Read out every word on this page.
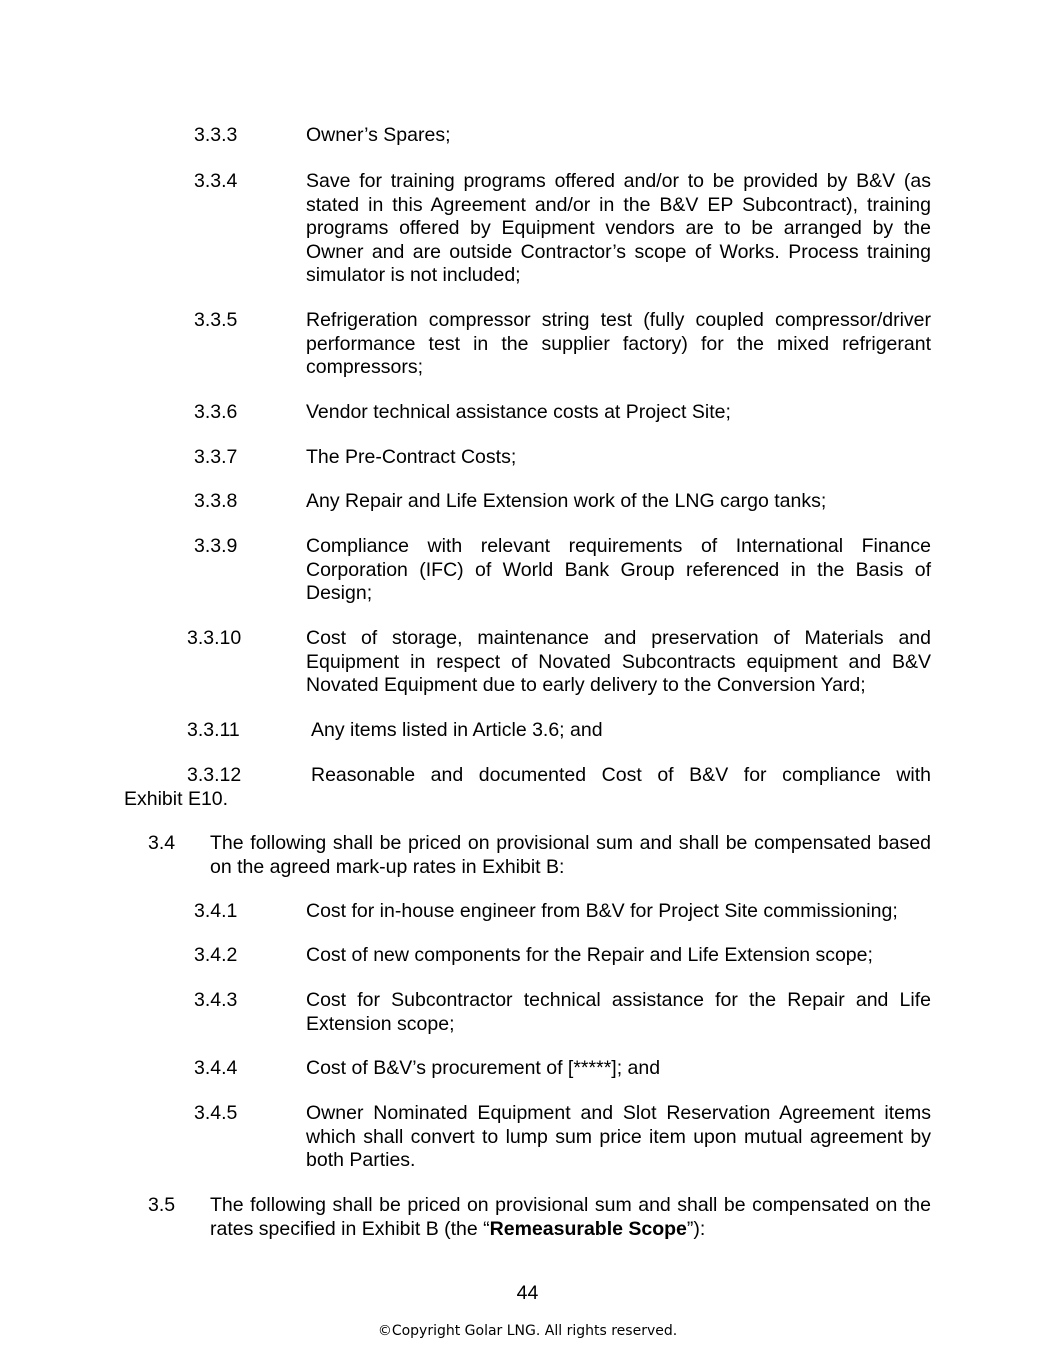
3.3.3	Owner’s Spares;
3.3.4	Save for training programs offered and/or to be provided by B&V (as stated in this Agreement and/or in the B&V EP Subcontract), training programs offered by Equipment vendors are to be arranged by the Owner and are outside Contractor’s scope of Works. Process training simulator is not included;
3.3.5	Refrigeration compressor string test (fully coupled compressor/driver performance test in the supplier factory) for the mixed refrigerant compressors;
3.3.6	Vendor technical assistance costs at Project Site;
3.3.7	The Pre-Contract Costs;
3.3.8	Any Repair and Life Extension work of the LNG cargo tanks;
3.3.9	Compliance with relevant requirements of International Finance Corporation (IFC) of World Bank Group referenced in the Basis of Design;
3.3.10	Cost of storage, maintenance and preservation of Materials and Equipment in respect of Novated Subcontracts equipment and B&V Novated Equipment due to early delivery to the Conversion Yard;
3.3.11	Any items listed in Article 3.6; and
3.3.12	Reasonable and documented Cost of B&V for compliance with
Exhibit E10.
3.4 The following shall be priced on provisional sum and shall be compensated based on the agreed mark-up rates in Exhibit B:
3.4.1	Cost for in-house engineer from B&V for Project Site commissioning;
3.4.2	Cost of new components for the Repair and Life Extension scope;
3.4.3	Cost for Subcontractor technical assistance for the Repair and Life Extension scope;
3.4.4	Cost of B&V’s procurement of [*****]; and
3.4.5	Owner Nominated Equipment and Slot Reservation Agreement items which shall convert to lump sum price item upon mutual agreement by both Parties.
3.5 The following shall be priced on provisional sum and shall be compensated on the rates specified in Exhibit B (the “Remeasurable Scope”):
44
©Copyright Golar LNG. All rights reserved.
